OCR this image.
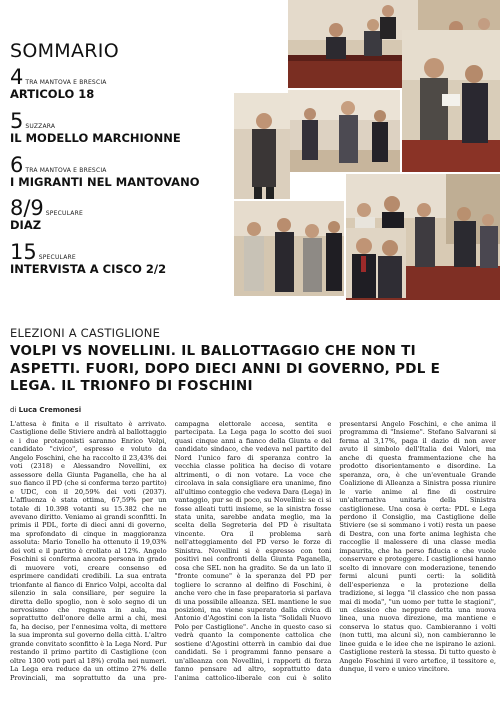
SOMMARIO
4 TRA MANTOVA E BRESCIA
ARTICOLO 18
5 SUZZARA
IL MODELLO MARCHIONNE
6 TRA MANTOVA E BRESCIA
I MIGRANTI NEL MANTOVANO
8/9 SPECULARE
DIAZ
15 SPECULARE
INTERVISTA A CISCO 2/2
ELEZIONI A CASTIGLIONE
VOLPI VS NOVELLINI. IL BALLOTTAGGIO CHE NON TI ASPETTI. FUORI, DOPO DIECI ANNI DI GOVERNO, PDL E LEGA. IL TRIONFO DI FOSCHINI
di Luca Cremonesi

L'attesa è finita e il risultato è arrivato. Castiglione delle Stiviere andrà al ballottaggio e i due protagonisti saranno Enrico Volpi, candidato "civico", espresso e voluto da Angelo Foschini, che ha raccolto il 23,43% dei voti (2318) e Alessandro Novellini, ex assessore della Giunta Paganella, che ha al suo fianco il PD (che si conferma terzo partito) e UDC, con il 20,59% dei voti (2037). L'affluenza è stata ottima, 67,59% per un totale di 10.398 votanti su 15.382 che ne avevano diritto. Veniamo ai grandi sconfitti. In primis il PDL, forte di dieci anni di governo, ma sprofondato di cinque in maggioranza assoluta: Mario Tonello ha ottenuto il 19,03% dei voti e il partito è crollato al 12%. Angelo Foschini si conferma ancora persona in grado di muovere voti, creare consenso ed esprimere candidati credibili. La sua entrata trionfante al fianco di Enrico Volpi, accolta dal silenzio in sala consiliare, per seguire la diretta dello spoglio, non è solo segno di un nervosismo che regnava in aula, ma soprattutto dell'onore delle armi a chi, mesi fa, ha deciso, per l'ennesima volta, di mettere la sua impronta sul governo della città. L'altro grande convitato sconfitto è la Lega Nord. Pur restando il primo partito di Castiglione (con oltre 1300 voti pari al 18%) crolla nei numeri. La Lega era reduce da un ottimo 27% delle Provinciali, ma soprattutto da una pre-campagna elettorale accesa, sentita e partecipata. La Lega paga lo scotto dei suoi quasi cinque anni a fianco della Giunta e del candidato sindaco, che vedeva nel partito del Nord l'unico faro di speranza contro la vecchia classe politica ha deciso di votare altrimenti, o di non votare. La voce che circolava in sala consigliare era unanime, fino all'ultimo conteggio che vedeva Dara (Lega) in vantaggio, pur se di poco, su Novellini: se ci si fosse alleati tutti insieme, se la sinistra fosse stata unita, sarebbe andata meglio, ma la scelta della Segreteria del PD è risultata vincente. Ora il problema sarà nell'atteggiamento del PD verso le forze di Sinistra. Novellini si è espresso con toni positivi nei confronti della Giunta Paganella, cosa che SEL non ha gradito. Se da un lato il "fronte comune" è la speranza del PD per togliere lo scranno al delfino di Foschini, è anche vero che in fase preparatoria si parlava di una possibile alleanza. SEL mantiene le sue posizioni, ma viene superato dalla civica di Antonio d'Agostini con la lista "Solidali Nuovo Polo per Castiglione". Anche in questo caso si vedrà quanto la componente cattolica che sostiene d'Agostini otterrà in cambio dai due candidati. Se i programmi fanno pensare a un'alleanza con Novellini, i rapporti di forza fanno pensare ad altro, soprattutto data l'anima cattolico-liberale con cui è solito presentarsi Angelo Foschini, e che anima il programma di "Insieme". Stefano Salvarani si ferma al 3,17%, paga il dazio di non aver avuto il simbolo dell'Italia dei Valori, ma anche di questa frammentazione che ha prodotto disorientamento e disordine. La speranza, ora, è che un'eventuale Grande Coalizione di Alleanza a Sinistra possa riunire le varie anime al fine di costruire un'alternativa unitaria della Sinistra castiglionese. Una cosa è certa: PDL e Lega perdono il Consiglio, ma Castiglione delle Stiviere (se si sommano i voti) resta un paese di Destra, con una forte anima leghista che raccoglie il malessere di una classe media impaurita, che ha perso fiducia e che vuole conservare e proteggere. I castiglionesi hanno scelto di innovare con moderazione, tenendo fermi alcuni punti certi: la solidità dell'esperienza e la protezione della tradizione, si legga "il classico che non passa mai di moda", "un uomo per tutte le stagioni", un classico che neppure detta una nuova linea, una nuova direzione, ma mantiene e conserva lo status quo. Cambieranno i volti (non tutti, ma alcuni sì), non cambieranno le linee guida e le idee che ne ispirano le azioni. Castiglione resterà la stessa. Di tutto questo è Angelo Foschini il vero artefice, il tessitore e, dunque, il vero e unico vincitore.
